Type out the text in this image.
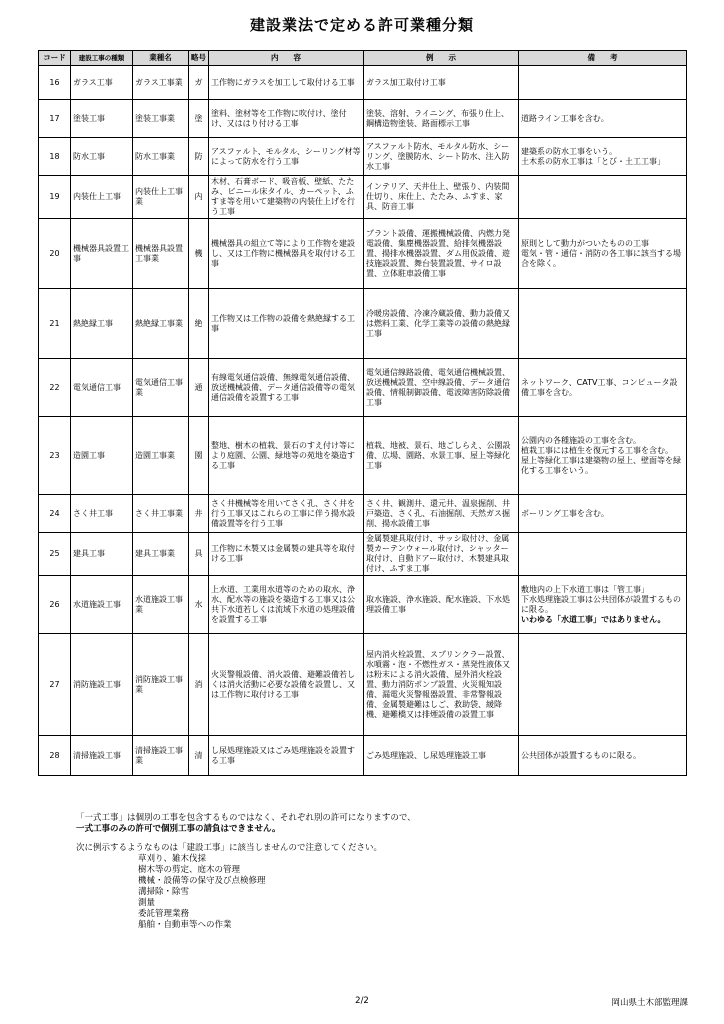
建設業法で定める許可業種分類
コード	建設工事の種類	業種名	略号	内　　容	例　　示	備　　考
16	ガラス工事	ガラス工事業	ガ	工作物にガラスを加工して取付ける工事	ガラス加工取付け工事	
17	塗装工事	塗装工事業	塗	塗料、塗材等を工作物に吹付け、塗付け、又ははり付ける工事	塗装、溶射、ライニング、布張り仕上、鋼構造物塗装、路面標示工事	道路ライン工事を含む。
18	防水工事	防水工事業	防	アスファルト、モルタル、シーリング材等によって防水を行う工事	アスファルト防水、モルタル防水、シーリング、塗膜防水、シート防水、注入防水工事	建築系の防水工事をいう。
土木系の防水工事は「とび・土工工事」
19	内装仕上工事	内装仕上工事業	内	木材、石膏ボード、吸音板、壁紙、たたみ、ビニール床タイル、カーペット、ふすま等を用いて建築物の内装仕上げを行う工事	インテリア、天井仕上、壁張り、内装間仕切り、床仕上、たたみ、ふすま、家具、防音工事	
20	機械器具設置工事	機械器具設置工事業	機	機械器具の組立て等により工作物を建設し、又は工作物に機械器具を取付ける工事	プラント設備、運搬機械設備、内燃力発電設備、集塵機器設置、給排気機器設置、揚排水機器設置、ダム用仮設備、遊技施設設置、舞台装置設置、サイロ設置、立体駐車設備工事	原則として動力がついたものの工事
電気・管・通信・消防の各工事に該当する場合を除く。
21	熱絶縁工事	熱絶縁工事業	絶	工作物又は工作物の設備を熱絶縁する工事	冷暖房設備、冷凍冷蔵設備、動力設備又は燃料工業、化学工業等の設備の熱絶縁工事	
22	電気通信工事	電気通信工事業	通	有線電気通信設備、無線電気通信設備、放送機械設備、データ通信設備等の電気通信設備を設置する工事	電気通信線路設備、電気通信機械設置、放送機械設置、空中線設備、データ通信設備、情報制御設備、電波障害防除設備工事	ネットワーク、CATV工事、コンピュータ設備工事を含む。
23	造園工事	造園工事業	園	整地、樹木の植栽、景石のすえ付け等により庭園、公園、緑地等の苑地を築造する工事	植栽、地被、景石、地ごしらえ、公園設備、広場、園路、水景工事、屋上等緑化工事	公園内の各種施設の工事を含む。
植栽工事には植生を復元する工事を含む。
屋上等緑化工事は建築物の屋上、壁面等を緑化する工事をいう。
24	さく井工事	さく井工事業	井	さく井機械等を用いてさく孔、さく井を行う工事又はこれらの工事に伴う揚水設備設置等を行う工事	さく井、観測井、還元井、温泉掘削、井戸築造、さく孔、石油掘削、天然ガス掘削、揚水設備工事	ボーリング工事を含む。
25	建具工事	建具工事業	具	工作物に木製又は金属製の建具等を取付ける工事	金属製建具取付け、サッシ取付け、金属製カーテンウォール取付け、シャッター取付け、自動ドアー取付け、木製建具取付け、ふすま工事	
26	水道施設工事	水道施設工事業	水	上水道、工業用水道等のための取水、浄水、配水等の施設を築造する工事又は公共下水道若しくは流域下水道の処理設備を設置する工事	取水施設、浄水施設、配水施設、下水処理設備工事	敷地内の上下水道工事は「管工事」
下水処理施設工事は公共団体が設置するものに限る。
いわゆる「水道工事」ではありません。

27	消防施設工事	消防施設工事業	消	火災警報設備、消火設備、避難設備若しくは消火活動に必要な設備を設置し、又は工作物に取付ける工事	屋内消火栓設置、スプリンクラー設置、水噴霧・泡・不燃性ガス・蒸発性液体又は粉末による消火設備、屋外消火栓設置、動力消防ポンプ設置、火災報知設備、漏電火災警報器設置、非常警報設備、金属製避難はしご、救助袋、緩降機、避難橋又は排煙設備の設置工事	
28	清掃施設工事	清掃施設工事業	清	し尿処理施設又はごみ処理施設を設置する工事	ごみ処理施設、し尿処理施設工事	公共団体が設置するものに限る。
「一式工事」は個別の工事を包含するものではなく、それぞれ別の許可になりますので、
一式工事のみの許可で個別工事の請負はできません。
次に例示するようなものは「建設工事」に該当しませんので注意してください。
草刈り、雑木伐採
樹木等の剪定、庭木の管理
機械・設備等の保守及び点検修理
溝掃除・除雪
測量
委託管理業務
船舶・自動車等への作業
2/2	岡山県土木部監理課
